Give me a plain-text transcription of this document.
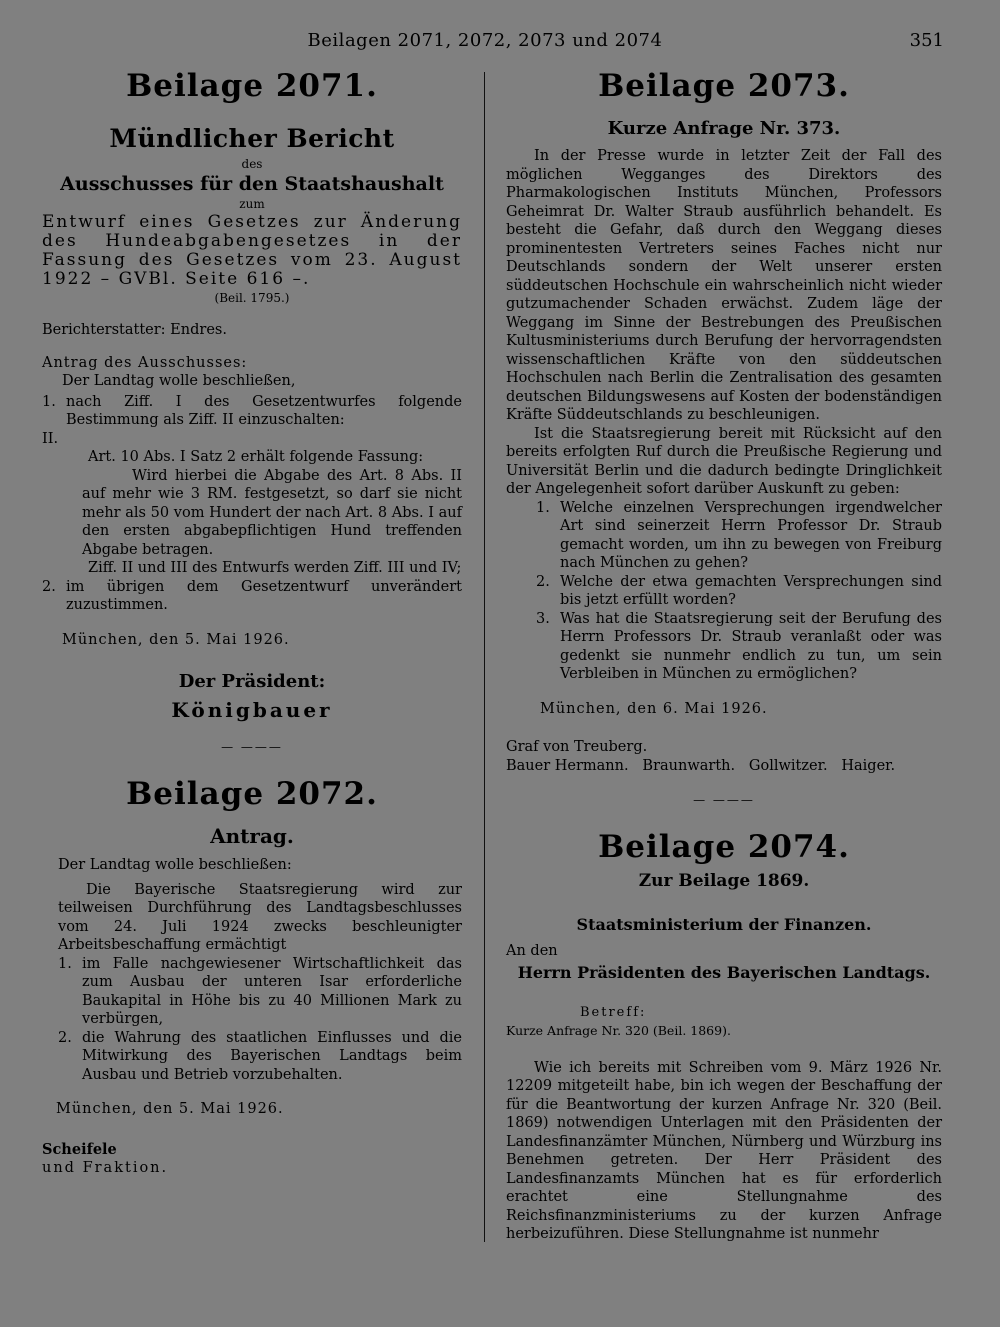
Beilagen 2071, 2072, 2073 und 2074	351
Beilage 2071.
Mündlicher Bericht
des
Ausschusses für den Staatshaushalt
zum
Entwurf eines Gesetzes zur Änderung des Hundeabgabengesetzes in der Fassung des Gesetzes vom 23. August 1922 – GVBl. Seite 616 –.
(Beil. 1795.)
Berichterstatter: Endres.
Antrag des Ausschusses:
Der Landtag wolle beschließen,
1. nach Ziff. I des Gesetzentwurfes folgende Bestimmung als Ziff. II einzuschalten:
II.
Art. 10 Abs. I Satz 2 erhält folgende Fassung:
Wird hierbei die Abgabe des Art. 8 Abs. II auf mehr wie 3 RM. festgesetzt, so darf sie nicht mehr als 50 vom Hundert der nach Art. 8 Abs. I auf den ersten abgabepflichtigen Hund treffenden Abgabe betragen.
Ziff. II und III des Entwurfs werden Ziff. III und IV;
2. im übrigen dem Gesetzentwurf unverändert zuzustimmen.
München, den 5. Mai 1926.
Der Präsident:
Königbauer
— ———
Beilage 2072.
Antrag.
Der Landtag wolle beschließen:
Die Bayerische Staatsregierung wird zur teilweisen Durchführung des Landtagsbeschlusses vom 24. Juli 1924 zwecks beschleunigter Arbeitsbeschaffung ermächtigt
1. im Falle nachgewiesener Wirtschaftlichkeit das zum Ausbau der unteren Isar erforderliche Baukapital in Höhe bis zu 40 Millionen Mark zu verbürgen,
2. die Wahrung des staatlichen Einflusses und die Mitwirkung des Bayerischen Landtags beim Ausbau und Betrieb vorzubehalten.
München, den 5. Mai 1926.
Scheifele
und Fraktion.
Beilage 2073.
Kurze Anfrage Nr. 373.
In der Presse wurde in letzter Zeit der Fall des möglichen Wegganges des Direktors des Pharmakologischen Instituts München, Professors Geheimrat Dr. Walter Straub ausführlich behandelt. Es besteht die Gefahr, daß durch den Weggang dieses prominentesten Vertreters seines Faches nicht nur Deutschlands sondern der Welt unserer ersten süddeutschen Hochschule ein wahrscheinlich nicht wieder gutzumachender Schaden erwächst. Zudem läge der Weggang im Sinne der Bestrebungen des Preußischen Kultusministeriums durch Berufung der hervorragendsten wissenschaftlichen Kräfte von den süddeutschen Hochschulen nach Berlin die Zentralisation des gesamten deutschen Bildungswesens auf Kosten der bodenständigen Kräfte Süddeutschlands zu beschleunigen.
Ist die Staatsregierung bereit mit Rücksicht auf den bereits erfolgten Ruf durch die Preußische Regierung und Universität Berlin und die dadurch bedingte Dringlichkeit der Angelegenheit sofort darüber Auskunft zu geben:
1. Welche einzelnen Versprechungen irgendwelcher Art sind seinerzeit Herrn Professor Dr. Straub gemacht worden, um ihn zu bewegen von Freiburg nach München zu gehen?
2. Welche der etwa gemachten Versprechungen sind bis jetzt erfüllt worden?
3. Was hat die Staatsregierung seit der Berufung des Herrn Professors Dr. Straub veranlaßt oder was gedenkt sie nunmehr endlich zu tun, um sein Verbleiben in München zu ermöglichen?
München, den 6. Mai 1926.
Graf von Treuberg.
Bauer Hermann.   Braunwarth.   Gollwitzer.   Haiger.
— ———
Beilage 2074.
Zur Beilage 1869.
Staatsministerium der Finanzen.
An den
Herrn Präsidenten des Bayerischen Landtags.
Betreff:
Kurze Anfrage Nr. 320 (Beil. 1869).
Wie ich bereits mit Schreiben vom 9. März 1926 Nr. 12209 mitgeteilt habe, bin ich wegen der Beschaffung der für die Beantwortung der kurzen Anfrage Nr. 320 (Beil. 1869) notwendigen Unterlagen mit den Präsidenten der Landesfinanzämter München, Nürnberg und Würzburg ins Benehmen getreten. Der Herr Präsident des Landesfinanzamts München hat es für erforderlich erachtet eine Stellungnahme des Reichsfinanzministeriums zu der kurzen Anfrage herbeizuführen. Diese Stellungnahme ist nunmehr
